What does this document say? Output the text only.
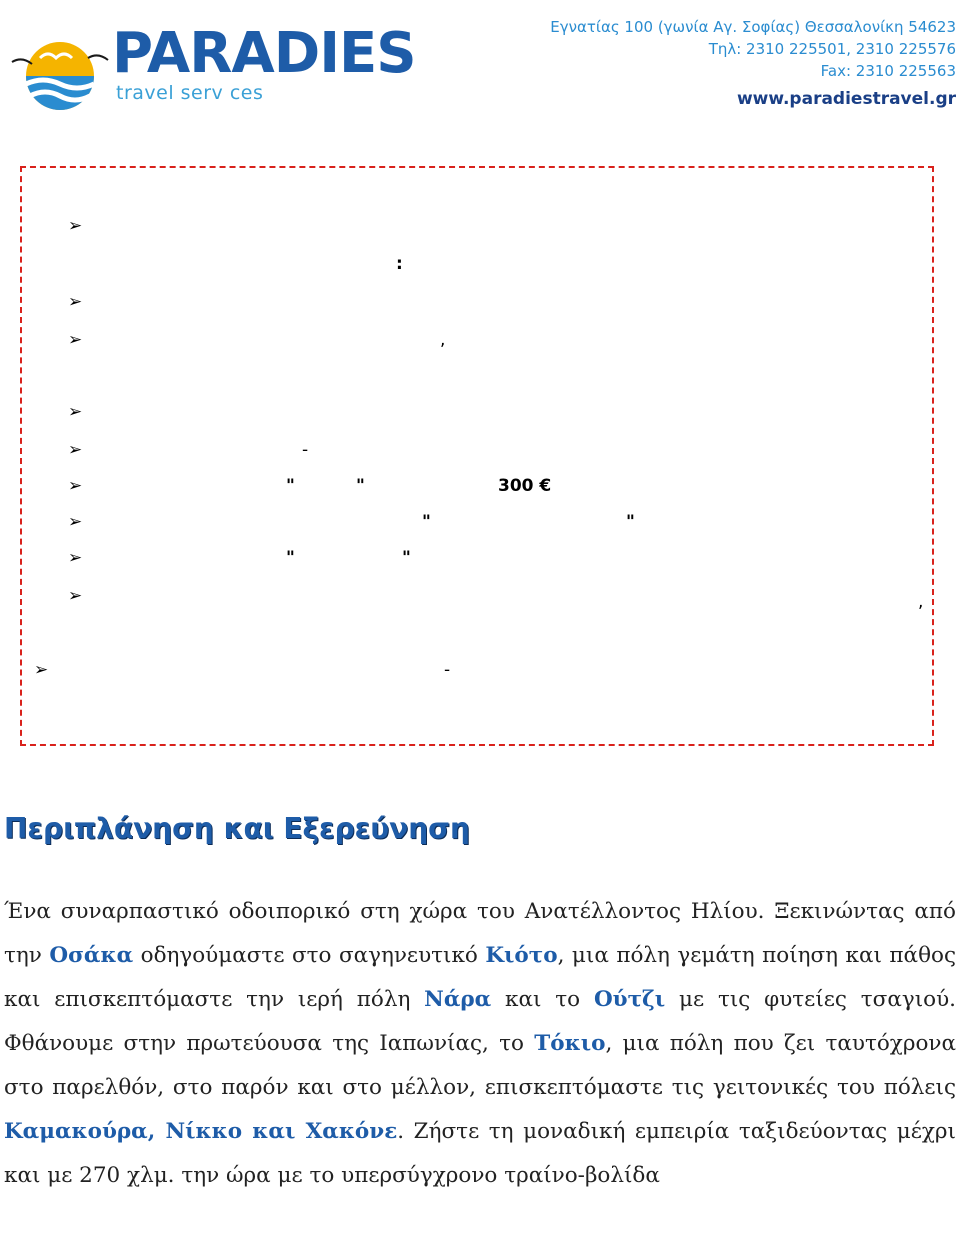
PARADIES
travel serv ces
Εγνατίας 100 (γωνία Αγ. Σοφίας) Θεσσαλονίκη 54623
Τηλ: 2310 225501, 2310 225576
Fax: 2310 225563
www.paradiestravel.gr
➢
:
➢
➢	,
➢
➢	-
➢	"	"	300 €
➢	"	"
➢	"	"
➢	,
➢	-
Περιπλάνηση και Εξερεύνηση
Ένα συναρπαστικό οδοιπορικό στη χώρα του Ανατέλλοντος Ηλίου. Ξεκινώντας από την Οσάκα οδηγούμαστε στο σαγηνευτικό Κιότο, μια πόλη γεμάτη ποίηση και πάθος και επισκεπτόμαστε την ιερή πόλη Νάρα και το Ούτζι με τις φυτείες τσαγιού. Φθάνουμε στην πρωτεύουσα της Ιαπωνίας, το Τόκιο, μια πόλη που ζει ταυτόχρονα στο παρελθόν, στο παρόν και στο μέλλον, επισκεπτόμαστε τις γειτονικές του πόλεις Καμακούρα, Νίκκο και Χακόνε. Ζήστε τη μοναδική εμπειρία ταξιδεύοντας μέχρι και με 270 χλμ. την ώρα με το υπερσύγχρονο τραίνο-βολίδα
